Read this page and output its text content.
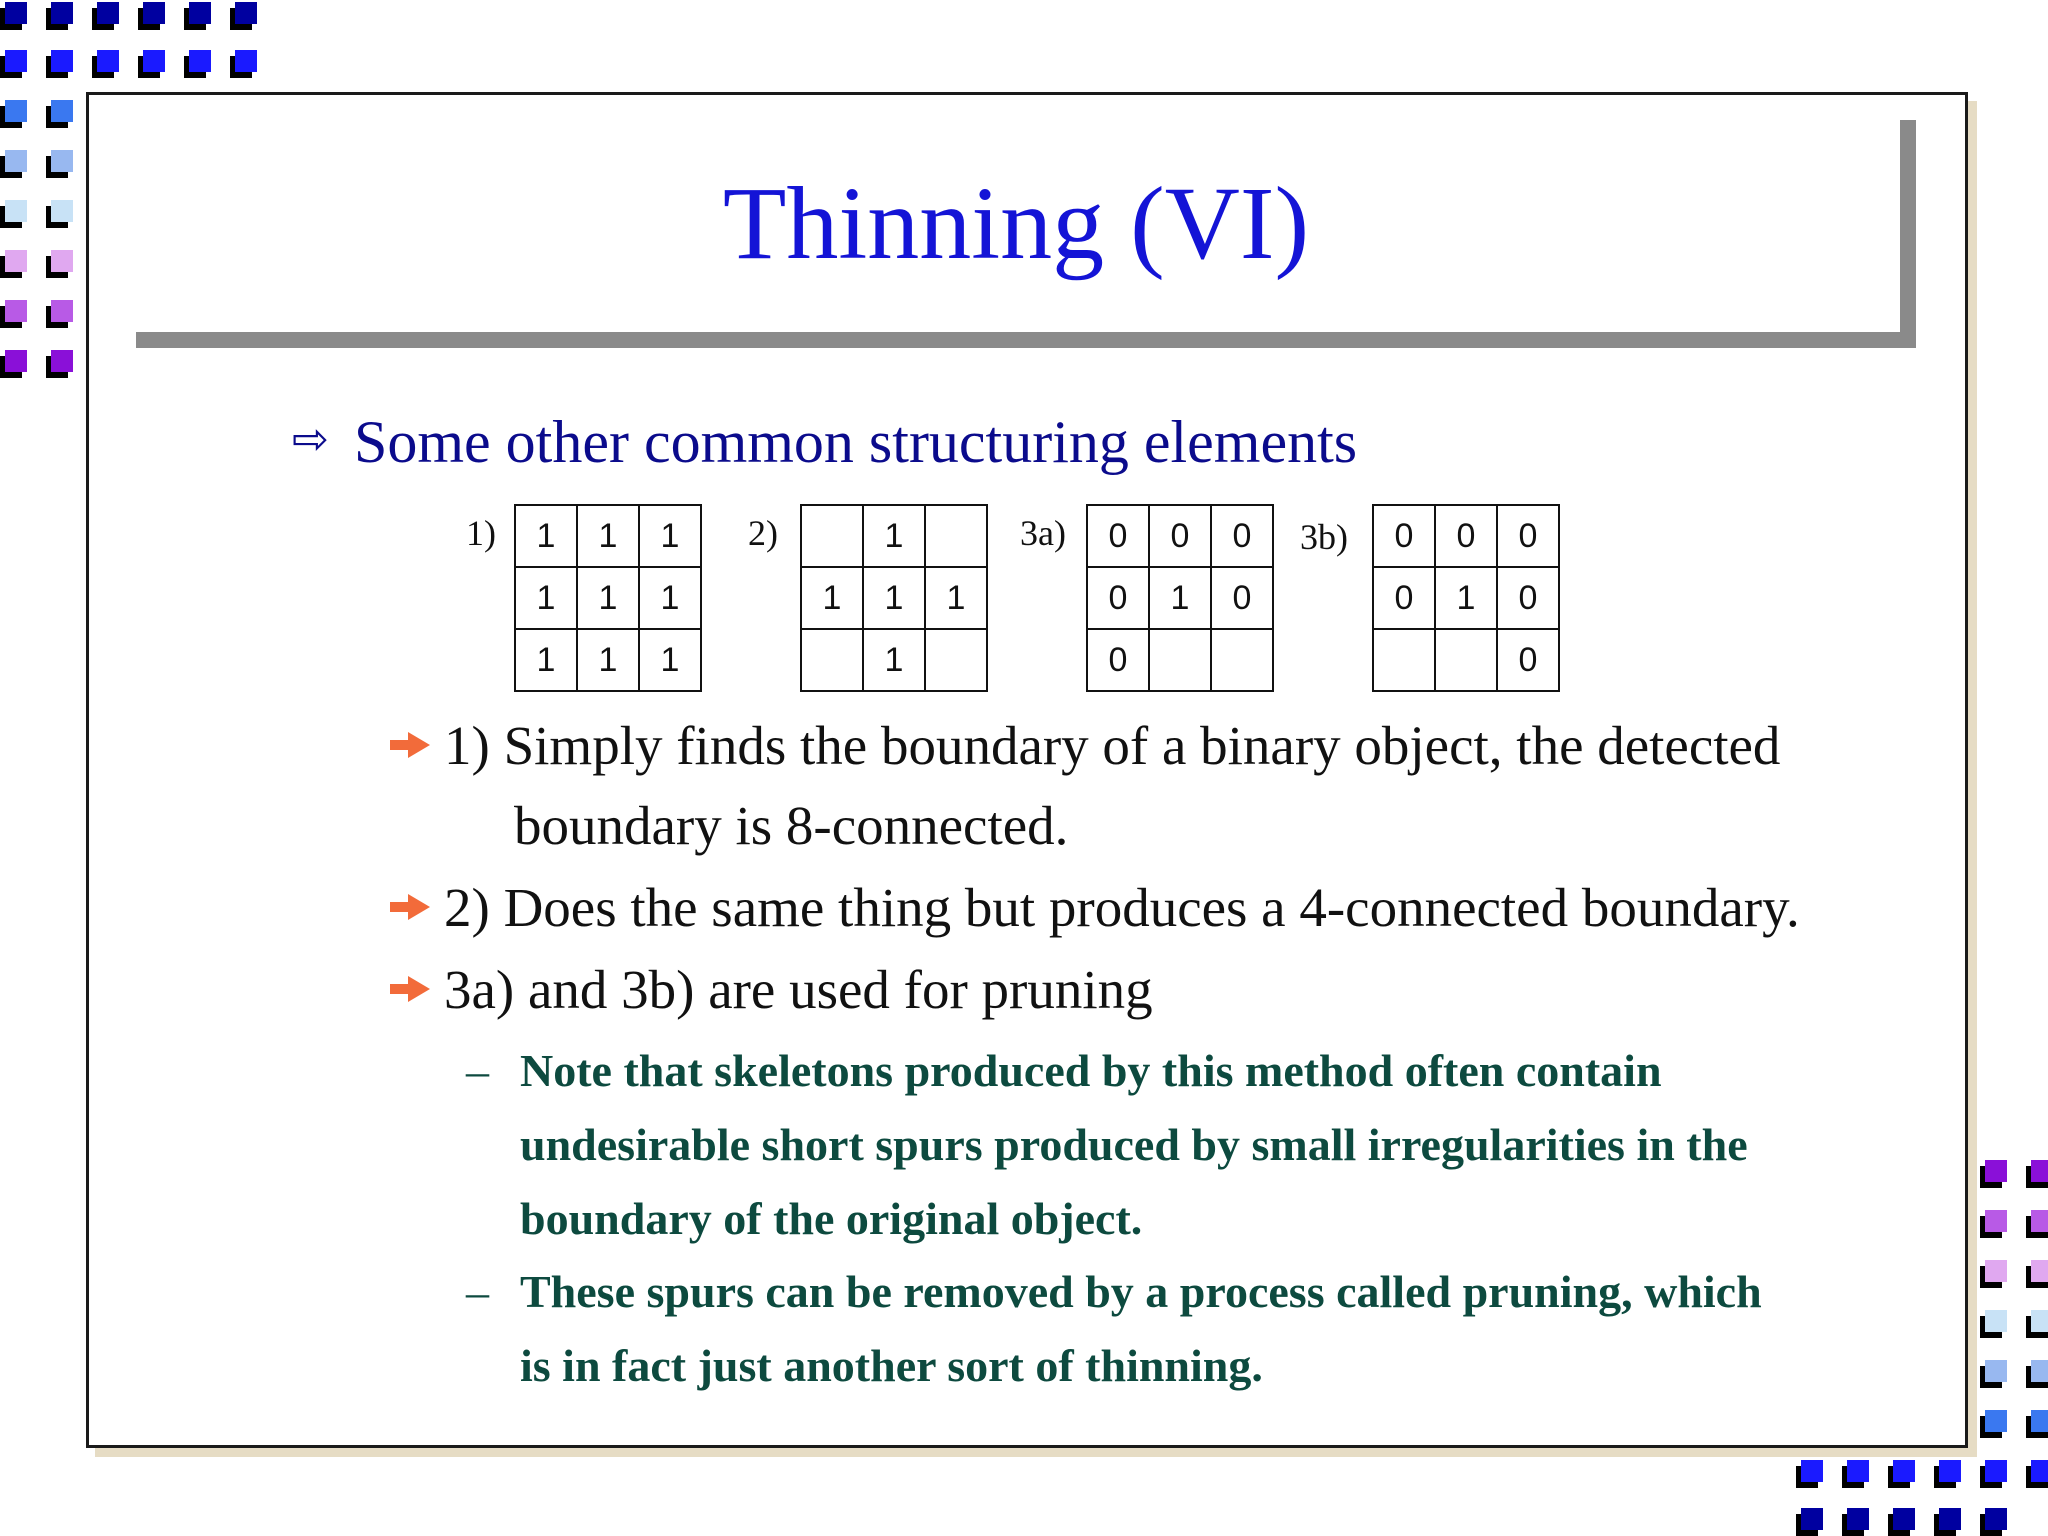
Thinning (VI)
⇨ Some other common structuring elements
1) 1	1	1
1	1	1
1	1	1
2)
		1	
1	1	1
	1	
3a) 0	0	0
0	1	0
0		
3b) 0	0	0
0	1	0
		0
1) Simply finds the boundary of a binary object, the detected
boundary is 8-connected.
2) Does the same thing but produces a 4-connected boundary.
3a) and 3b) are used for pruning
– Note that skeletons produced by this method often contain
undesirable short spurs produced by small irregularities in the
boundary of the original object.
– These spurs can be removed by a process called pruning, which
is in fact just another sort of thinning.
